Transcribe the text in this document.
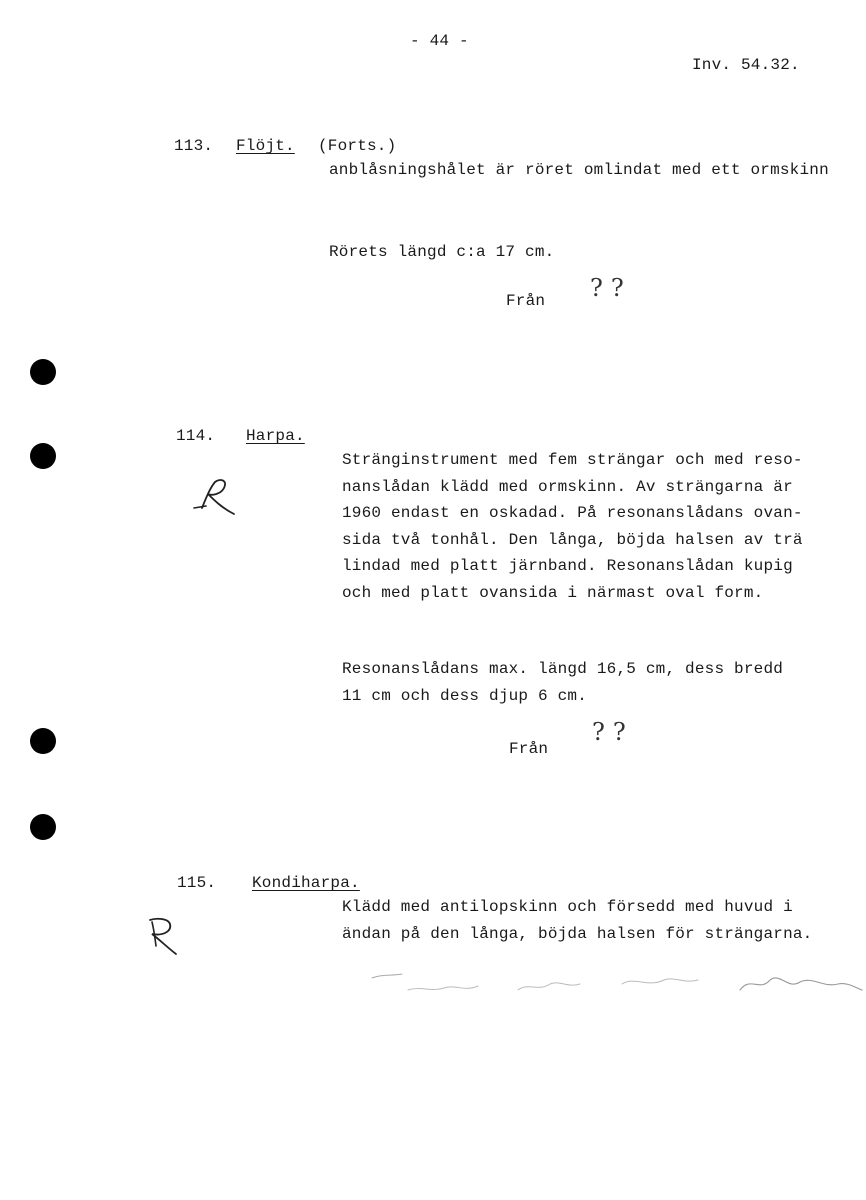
- 44 -
Inv. 54.32.
113. Flöjt. (Forts.)
anblåsningshålet är röret omlindat med ett ormskinn
Rörets längd c:a 17 cm.
Från ? ?
114. Harpa.
Stränginstrument med fem strängar och med reso-
nanslådan klädd med ormskinn. Av strängarna är
1960 endast en oskadad. På resonanslådans ovan-
sida två tonhål. Den långa, böjda halsen av trä
lindad med platt järnband. Resonanslådan kupig
och med platt ovansida i närmast oval form.
Resonanslådans max. längd 16,5 cm, dess bredd
11 cm och dess djup 6 cm.
Från
? ?
115. Kondiharpa.
Klädd med antilopskinn och försedd med huvud i
ändan på den långa, böjda halsen för strängarna.
